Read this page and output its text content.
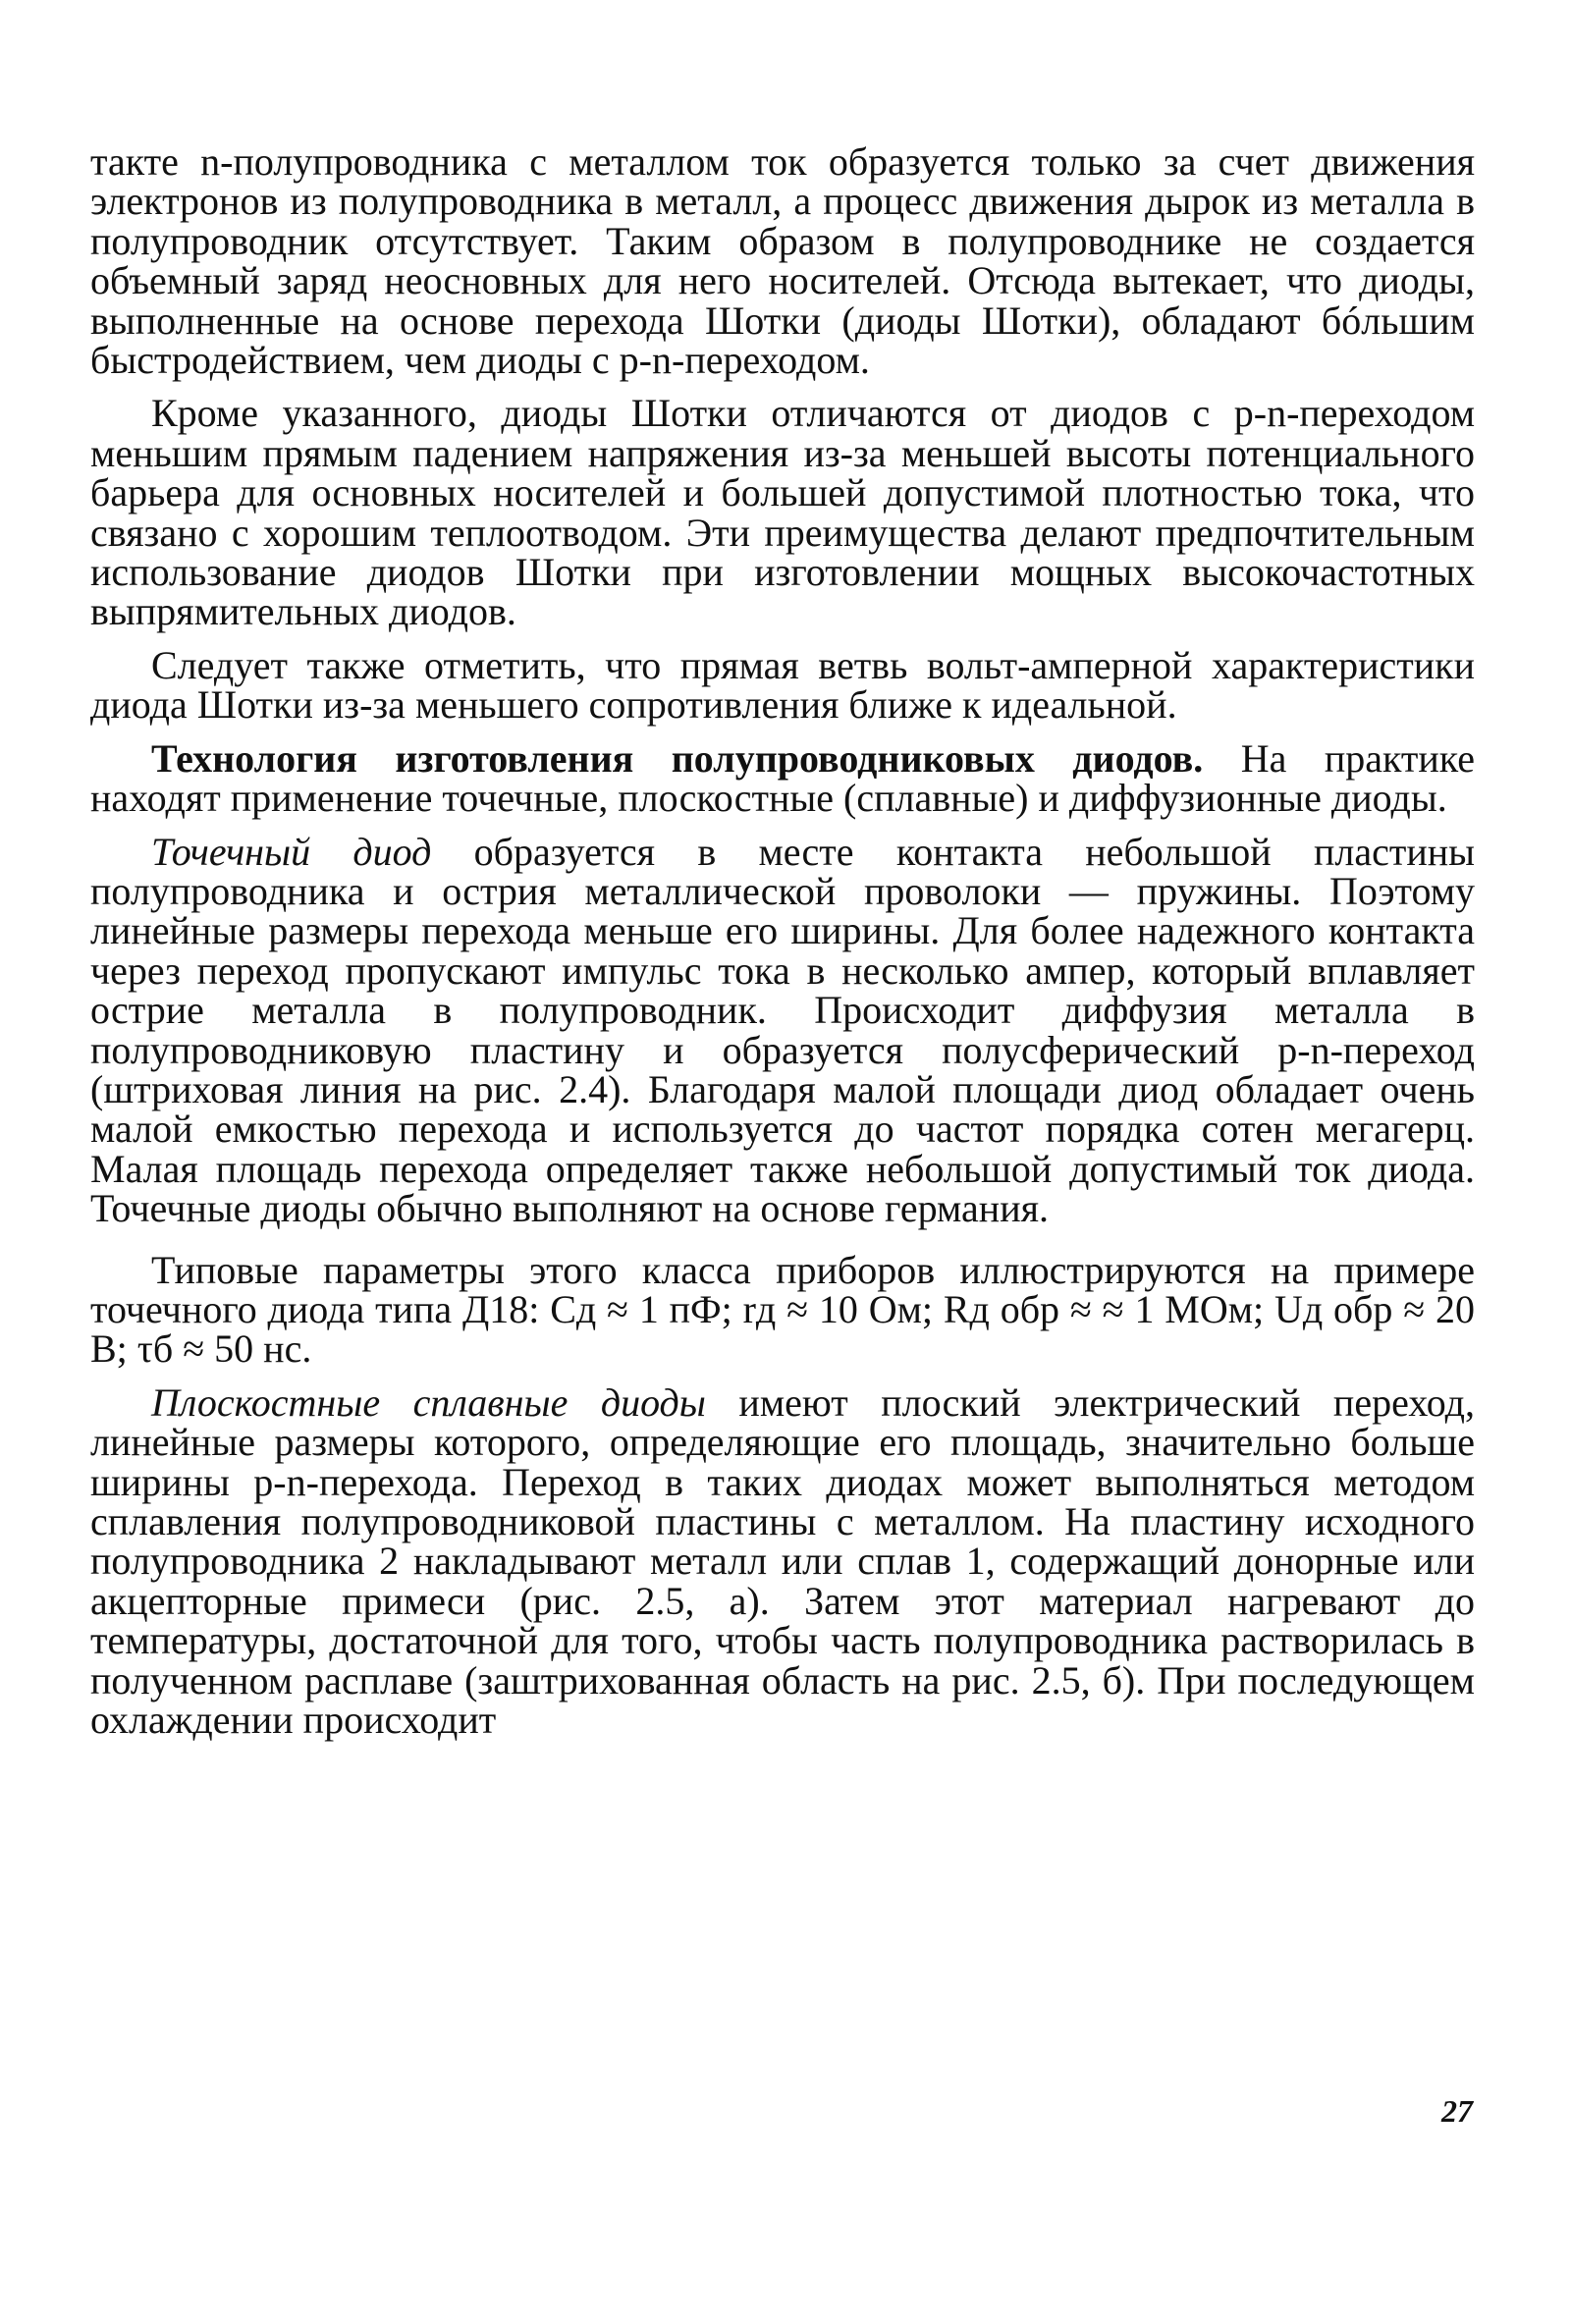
такте n-полупроводника с металлом ток образуется только за счет движения электронов из полупроводника в металл, а процесс движения дырок из металла в полупроводник отсутствует. Таким образом в полупроводнике не создается объемный заряд неосновных для него носителей. Отсюда вытекает, что диоды, выполненные на основе перехода Шотки (диоды Шотки), обладают бóльшим быстродействием, чем диоды с p-n-переходом.

Кроме указанного, диоды Шотки отличаются от диодов с p-n-переходом меньшим прямым падением напряжения из-за меньшей высоты потенциального барьера для основных носителей и большей допустимой плотностью тока, что связано с хорошим теплоотводом. Эти преимущества делают предпочтительным использование диодов Шотки при изготовлении мощных высокочастотных выпрямительных диодов.

Следует также отметить, что прямая ветвь вольт-амперной характеристики диода Шотки из-за меньшего сопротивления ближе к идеальной.

Технология изготовления полупроводниковых диодов. На практике находят применение точечные, плоскостные (сплавные) и диффузионные диоды.

Точечный диод образуется в месте контакта небольшой пластины полупроводника и острия металлической проволоки — пружины. Поэтому линейные размеры перехода меньше его ширины. Для более надежного контакта через переход пропускают импульс тока в несколько ампер, который вплавляет острие металла в полупроводник. Происходит диффузия металла в полупроводниковую пластину и образуется полусферический p-n-переход (штриховая линия на рис. 2.4). Благодаря малой площади диод обладает очень малой емкостью перехода и используется до частот порядка сотен мегагерц. Малая площадь перехода определяет также небольшой допустимый ток диода. Точечные диоды обычно выполняют на основе германия.

Типовые параметры этого класса приборов иллюстрируются на примере точечного диода типа Д18: Cд ≈ 1 пФ; rд ≈ 10 Ом; Rд обр ≈ ≈ 1 МОм; Uд обр ≈ 20 В; τб ≈ 50 нс.

Плоскостные сплавные диоды имеют плоский электрический переход, линейные размеры которого, определяющие его площадь, значительно больше ширины p-n-перехода. Переход в таких диодах может выполняться методом сплавления полупроводниковой пластины с металлом. На пластину исходного полупроводника 2 накладывают металл или сплав 1, содержащий донорные или акцепторные примеси (рис. 2.5, а). Затем этот материал нагревают до температуры, достаточной для того, чтобы часть полупроводника растворилась в полученном расплаве (заштрихованная область на рис. 2.5, б). При последующем охлаждении происходит

27
